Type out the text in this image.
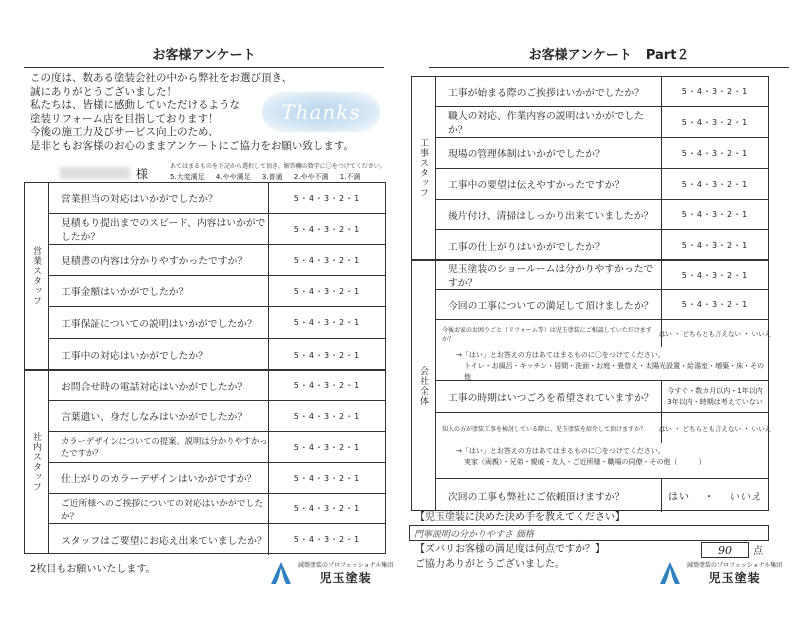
お客様アンケート
この度は、数ある塗装会社の中から弊社をお選び頂き、
誠にありがとうございました！
私たちは、皆様に感動していただけるような
塗装リフォーム店を目指しております！
今後の施工力及びサービス向上のため、
是非ともお客様のお心のままアンケートにご協力をお願い致します。
Thanks
様
あてはまるものを下記から選択して頂き、解答欄の数字に〇をつけてください。
5.大変満足 4.やや満足 3.普通 2.やや不満 1.不満
営業スタッフ
営業担当の対応はいかがでしたか？	5・4・3・2・1
見積もり提出までのスピード、内容はいかがでしたか？
5・4・3・2・1
見積書の内容は分かりやすかったですか？	5・4・3・2・1
工事金額はいかがでしたか？	5・4・3・2・1
工事保証についての説明はいかがでしたか？	5・4・3・2・1
工事中の対応はいかがでしたか？	5・4・3・2・1
社内スタッフ
お問合せ時の電話対応はいかがでしたか？	5・4・3・2・1
言葉遣い、身だしなみはいかがでしたか？	5・4・3・2・1
カラーデザインについての提案、説明は分かりやすかったですか？
5・4・3・2・1
仕上がりのカラーデザインはいかがですか？	5・4・3・2・1
ご近所様へのご挨拶についての対応はいかがでしたか？
5・4・3・2・1
スタッフはご要望にお応え出来ていましたか？	5・4・3・2・1
2枚目もお願いいたします。	減築塗装のプロフェッショナル集団
児玉塗装
お客様アンケート Part２
工事スタッフ
工事が始まる際のご挨拶はいかがでしたか？	5・4・3・2・1
職人の対応、作業内容の説明はいかがでしたか？
5・4・3・2・1
現場の管理体制はいかがでしたか？	5・4・3・2・1
工事中の要望は伝えやすかったですか？	5・4・3・2・1
後片付け、清掃はしっかり出来ていましたか？	5・4・3・2・1
工事の仕上がりはいかがでしたか？	5・4・3・2・1
会社全体
児玉塗装のショールームは分かりやすかったですか？
5・4・3・2・1
今回の工事についての満足して頂けましたか？	5・4・3・2・1
今後お家のお困りごと（リフォーム等）は児玉塗装にご相談していただけますか？
はい ・ どちらとも言えない ・ いいえ
→「はい」とお答えの方はあてはまるものに〇をつけてください。
トイレ・お風呂・キッチン・居間・洗面・お庭・畳替え・太陽光設置・給湯室・増築・床・その他
工事の時期はいつごろを希望されていますか？
今すぐ・数カ月以内・1年以内
3年以内・時期は考えていない
知人の方が塗装工事を検討している際に、児玉塗装を紹介して頂けますか？	はい ・ どちらとも言えない ・ いいえ
→「はい」とお答えの方はあてはまるものに〇をつけてください。
実家（両親）・兄弟・親戚・友人・ご近所様・職場の同僚・その他（　　　）
次回の工事も弊社にご依頼頂けますか？	はい ・ いいえ
【児玉塗装に決めた決め手を教えてください】
門寧説明の分かりやすさ 価格
【ズバリお客様の満足度は何点ですか？】	90	点
ご協力ありがとうございました。	減築塗装のプロフェッショナル集団
児玉塗装
